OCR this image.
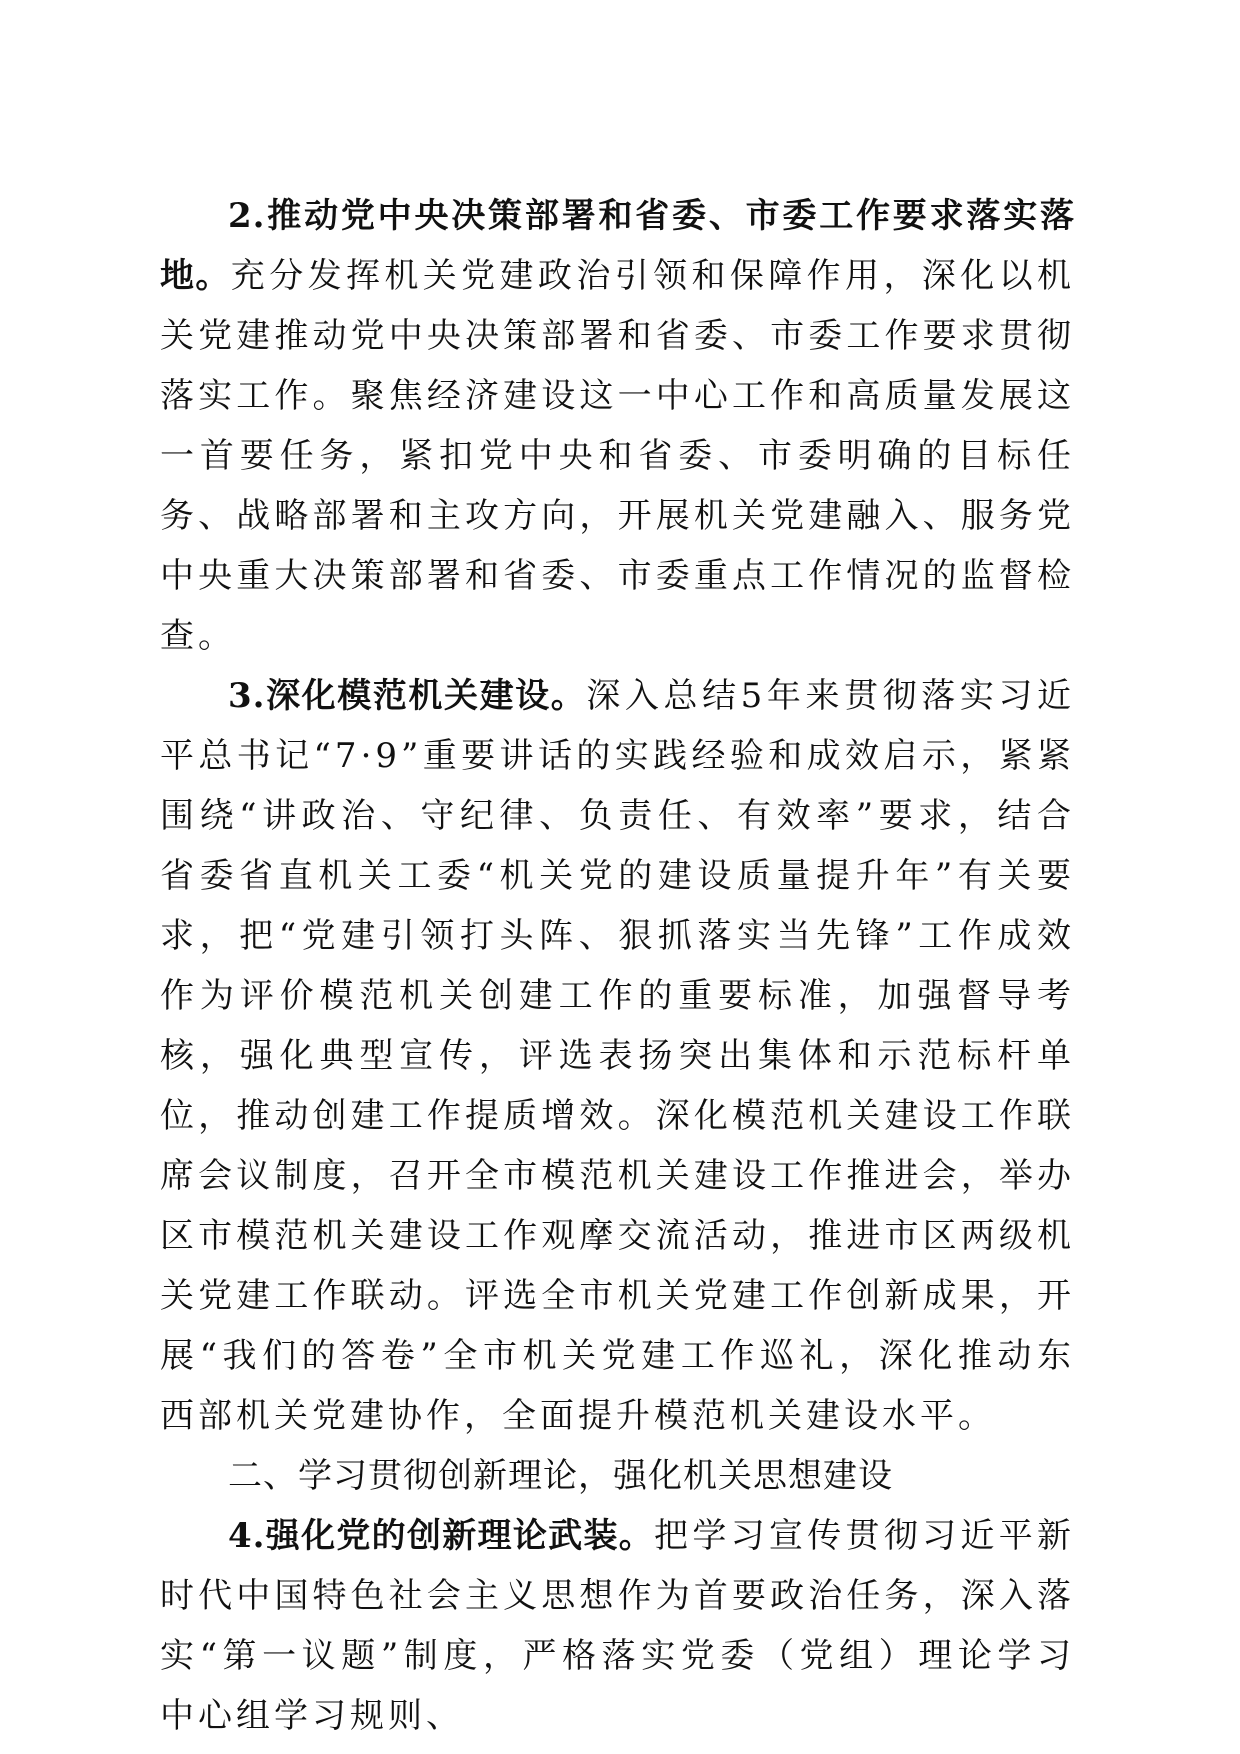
2.推动党中央决策部署和省委、市委工作要求落实落地。充分发挥机关党建政治引领和保障作用，深化以机关党建推动党中央决策部署和省委、市委工作要求贯彻落实工作。聚焦经济建设这一中心工作和高质量发展这一首要任务，紧扣党中央和省委、市委明确的目标任务、战略部署和主攻方向，开展机关党建融入、服务党中央重大决策部署和省委、市委重点工作情况的监督检查。

3.深化模范机关建设。深入总结5年来贯彻落实习近平总书记“7·9”重要讲话的实践经验和成效启示，紧紧围绕“讲政治、守纪律、负责任、有效率”要求，结合省委省直机关工委“机关党的建设质量提升年”有关要求，把“党建引领打头阵、狠抓落实当先锋”工作成效作为评价模范机关创建工作的重要标准，加强督导考核，强化典型宣传，评选表扬突出集体和示范标杆单位，推动创建工作提质增效。深化模范机关建设工作联席会议制度，召开全市模范机关建设工作推进会，举办区市模范机关建设工作观摩交流活动，推进市区两级机关党建工作联动。评选全市机关党建工作创新成果，开展“我们的答卷”全市机关党建工作巡礼，深化推动东西部机关党建协作，全面提升模范机关建设水平。

二、学习贯彻创新理论，强化机关思想建设

4.强化党的创新理论武装。把学习宣传贯彻习近平新时代中国特色社会主义思想作为首要政治任务，深入落实“第一议题”制度，严格落实党委（党组）理论学习中心组学习规则、
